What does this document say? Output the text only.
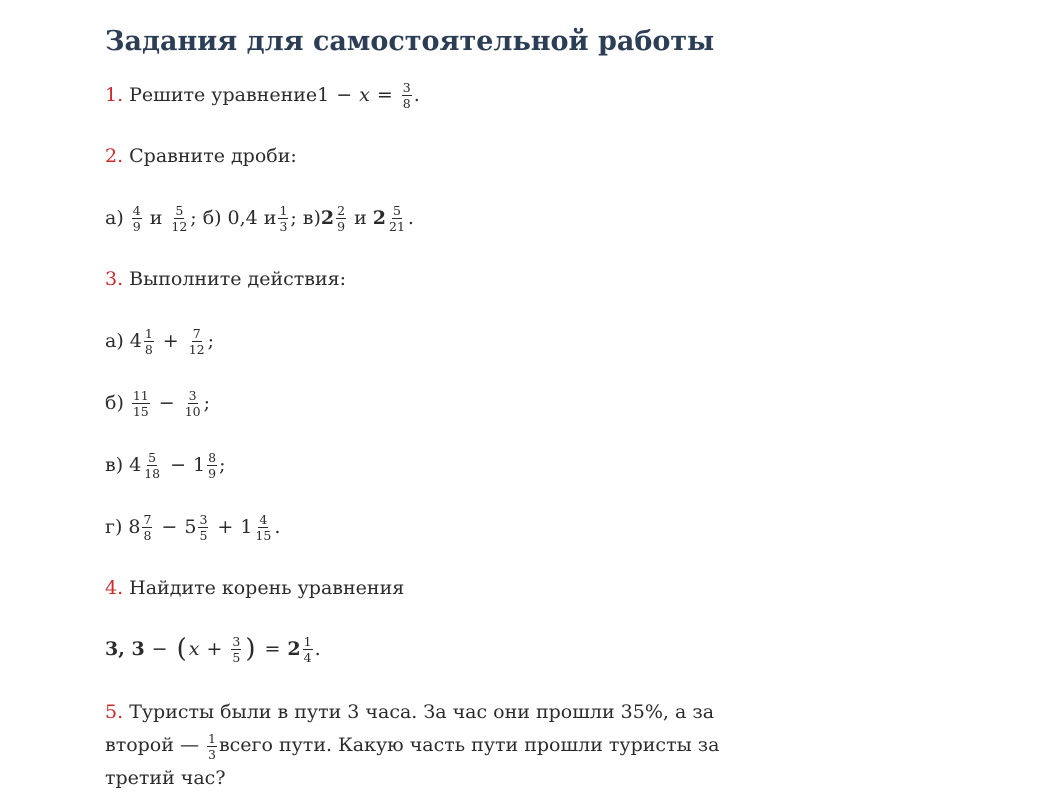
Задания для самостоятельной работы
1. Решите уравнение $1 - x = \frac{3}{8}$ .
2. Сравните дроби:
$а) \frac{4}{9}$ и $\frac{5}{12}$ ; б) 0,4 и $\frac{1}{3}$ ; в) $2 \frac{2}{9}$ и $2 \frac{5}{21}$ .
3. Выполните действия:
а) $4 \frac{1}{8} + \frac{7}{12}$ ;
$б) \frac{11}{15} - \frac{3}{10}$ ;
в) $4 \frac{5}{18} - 1 \frac{8}{9}$ ;
г) $8 \frac{7}{8} - 5 \frac{3}{5} + 1 \frac{4}{15}$ .
4. Найдите корень уравнения
3, 3 − ( $x + \frac{3}{5}$ ) = $2 \frac{1}{4}$ .
5. Туристы были в пути 3 часа. За час они прошли 35%, а за второй — $\frac{1}{3}$ всего пути. Какую часть пути прошли туристы за третий час?
